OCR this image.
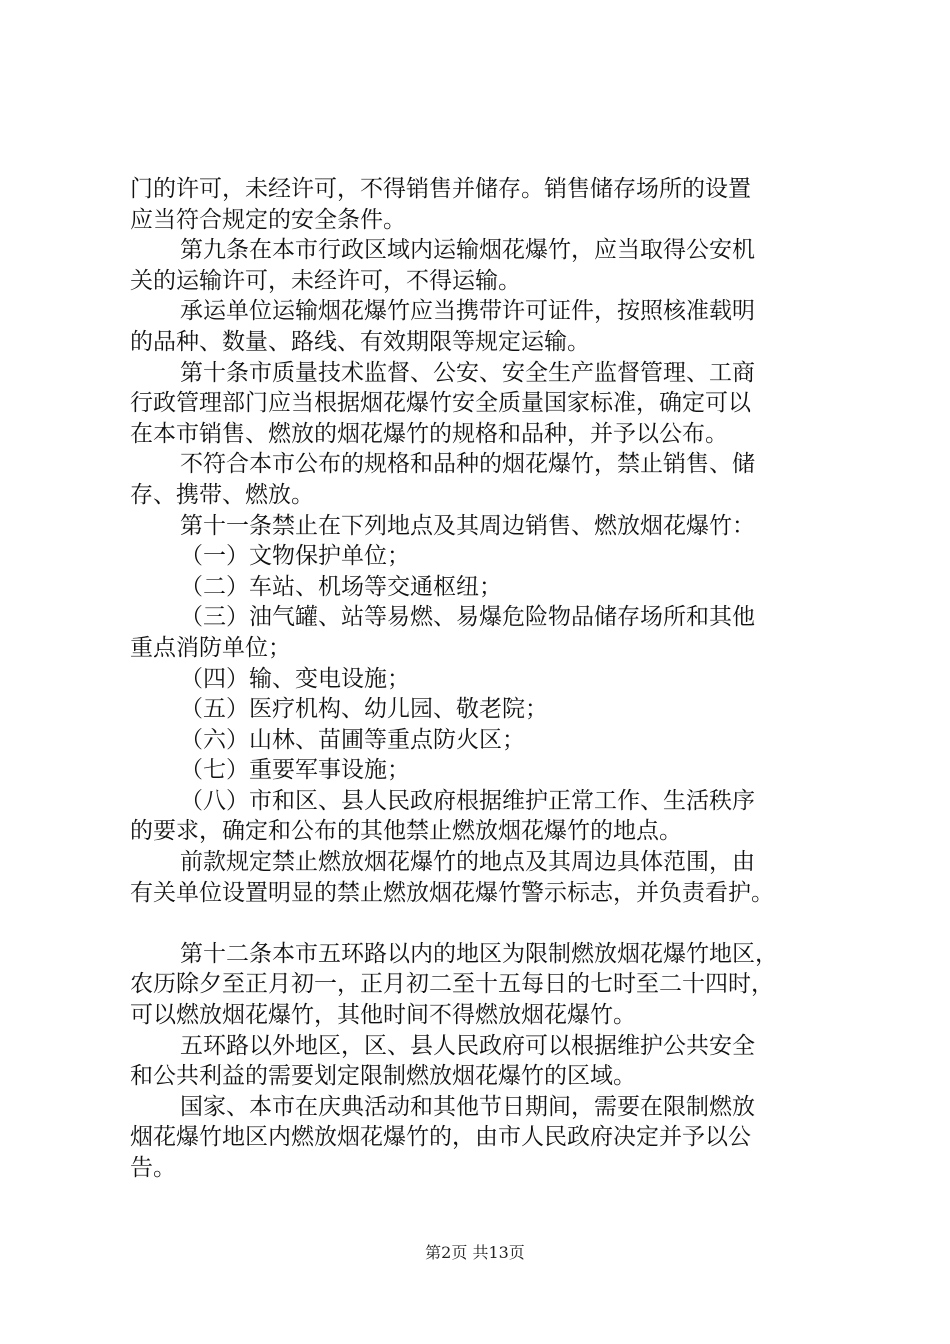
门的许可，未经许可，不得销售并储存。销售储存场所的设置
应当符合规定的安全条件。
第九条在本市行政区域内运输烟花爆竹，应当取得公安机
关的运输许可，未经许可，不得运输。
承运单位运输烟花爆竹应当携带许可证件，按照核准载明
的品种、数量、路线、有效期限等规定运输。
第十条市质量技术监督、公安、安全生产监督管理、工商
行政管理部门应当根据烟花爆竹安全质量国家标准，确定可以
在本市销售、燃放的烟花爆竹的规格和品种，并予以公布。
不符合本市公布的规格和品种的烟花爆竹，禁止销售、储
存、携带、燃放。
第十一条禁止在下列地点及其周边销售、燃放烟花爆竹：
（一）文物保护单位；
（二）车站、机场等交通枢纽；
（三）油气罐、站等易燃、易爆危险物品储存场所和其他
重点消防单位；
（四）输、变电设施；
（五）医疗机构、幼儿园、敬老院；
（六）山林、苗圃等重点防火区；
（七）重要军事设施；
（八）市和区、县人民政府根据维护正常工作、生活秩序
的要求，确定和公布的其他禁止燃放烟花爆竹的地点。
前款规定禁止燃放烟花爆竹的地点及其周边具体范围，由
有关单位设置明显的禁止燃放烟花爆竹警示标志，并负责看护。
第十二条本市五环路以内的地区为限制燃放烟花爆竹地区，
农历除夕至正月初一，正月初二至十五每日的七时至二十四时，
可以燃放烟花爆竹，其他时间不得燃放烟花爆竹。
五环路以外地区，区、县人民政府可以根据维护公共安全
和公共利益的需要划定限制燃放烟花爆竹的区域。
国家、本市在庆典活动和其他节日期间，需要在限制燃放
烟花爆竹地区内燃放烟花爆竹的，由市人民政府决定并予以公
告。
第2页 共13页
